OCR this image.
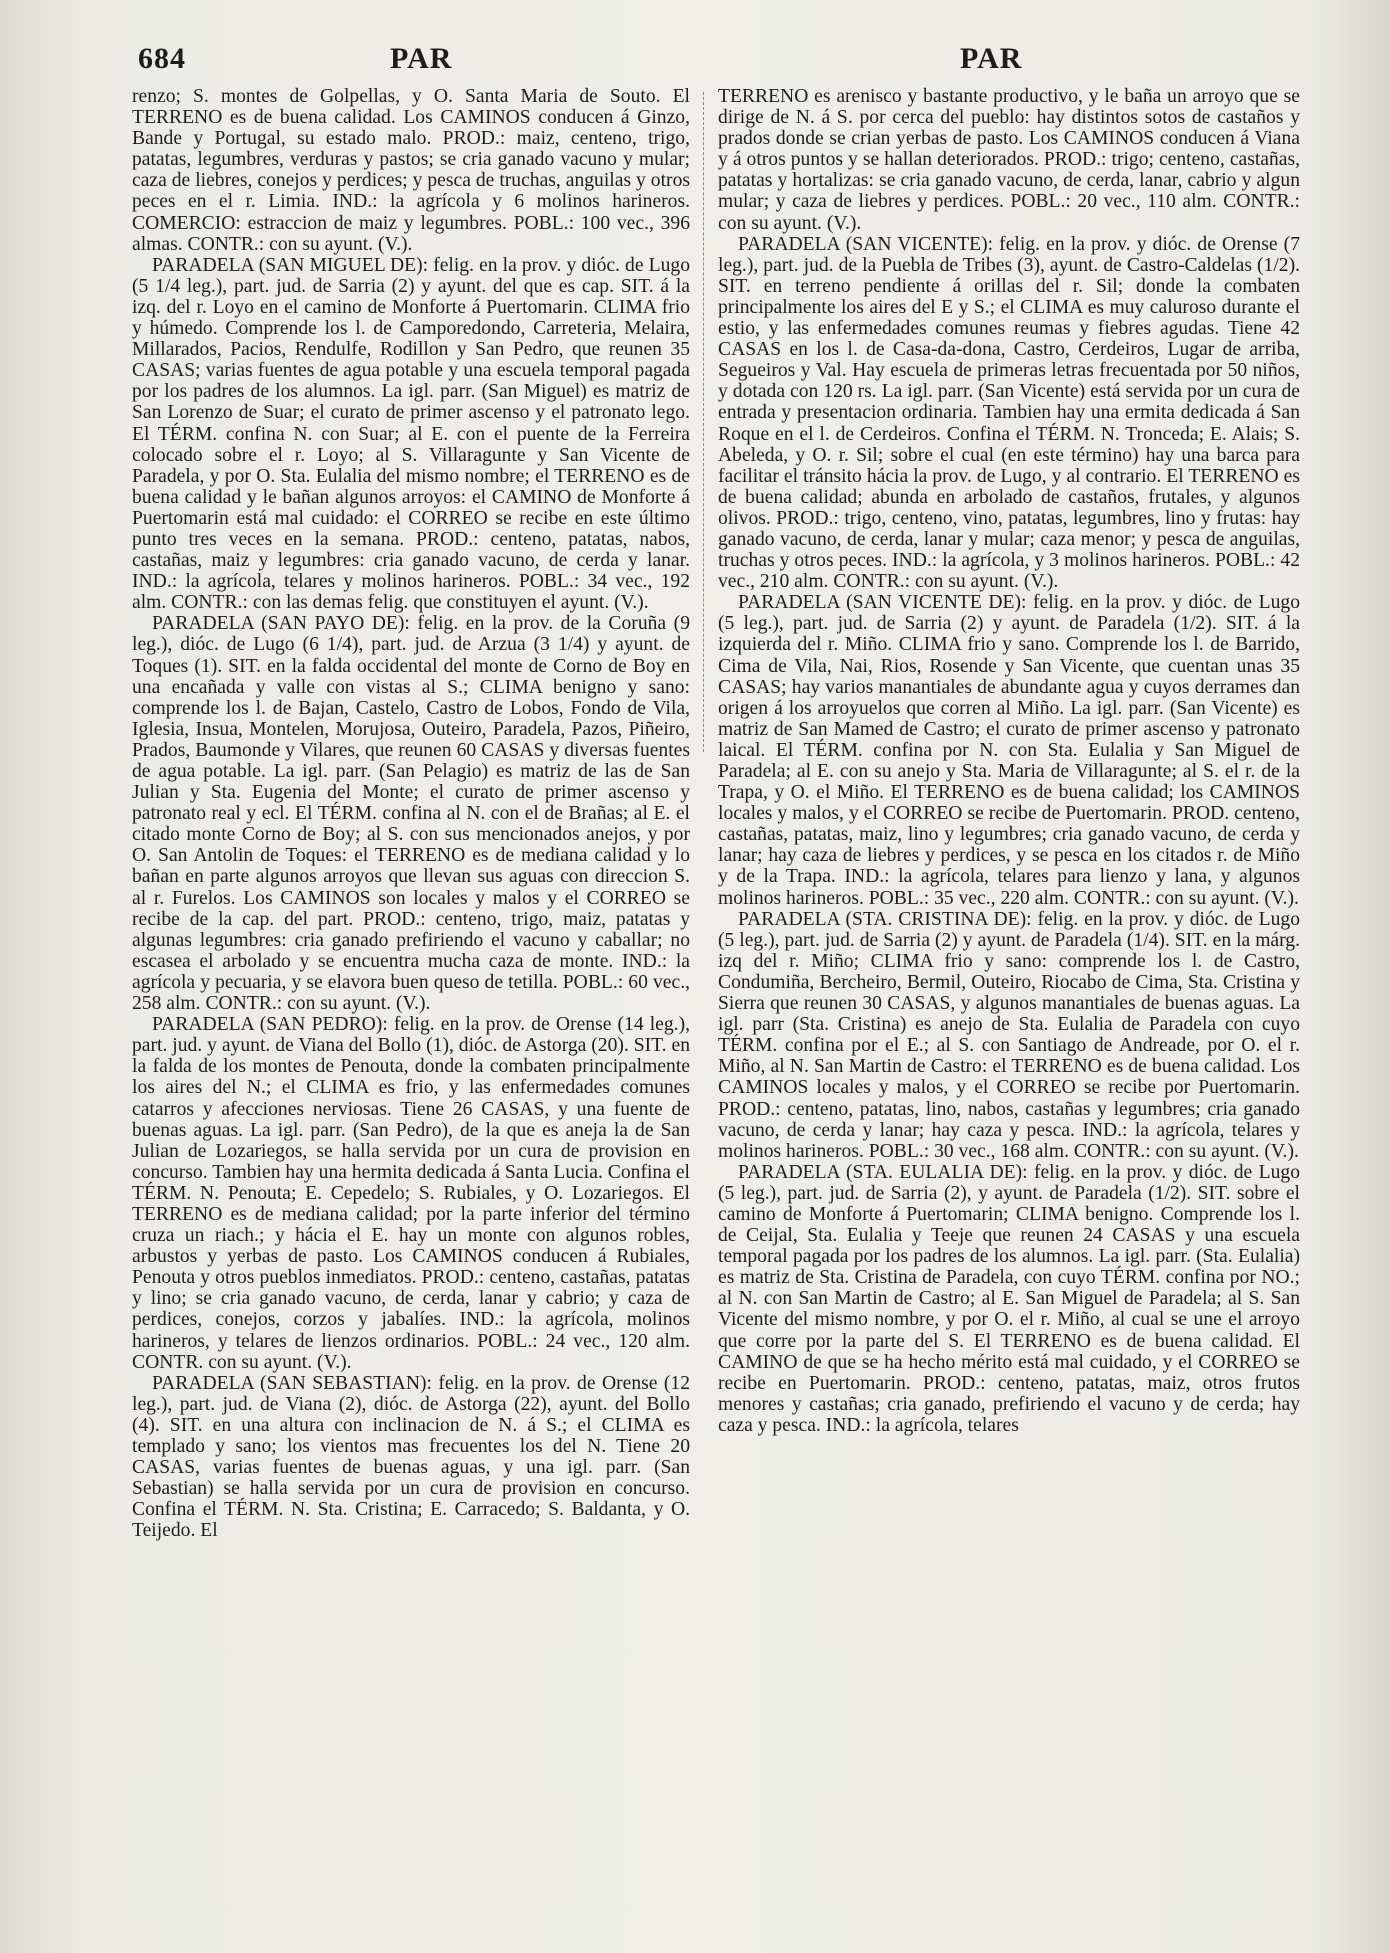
684	PAR	PAR

renzo; S. montes de Golpellas, y O. Santa Maria de Souto. El TERRENO es de buena calidad. Los CAMINOS conducen á Ginzo, Bande y Portugal, su estado malo. PROD.: maiz, centeno, trigo, patatas, legumbres, verduras y pastos; se cria ganado vacuno y mular; caza de liebres, conejos y perdices; y pesca de truchas, anguilas y otros peces en el r. Limia. IND.: la agrícola y 6 molinos harineros. COMERCIO: estraccion de maiz y legumbres. POBL.: 100 vec., 396 almas. CONTR.: con su ayunt. (V.).

PARADELA (SAN MIGUEL DE): felig. en la prov. y dióc. de Lugo (5 1/4 leg.), part. jud. de Sarria (2) y ayunt. del que es cap. SIT. á la izq. del r. Loyo en el camino de Monforte á Puertomarin. CLIMA frio y húmedo. Comprende los l. de Camporedondo, Carreteria, Melaira, Millarados, Pacios, Rendulfe, Rodillon y San Pedro, que reunen 35 CASAS; varias fuentes de agua potable y una escuela temporal pagada por los padres de los alumnos. La igl. parr. (San Miguel) es matriz de San Lorenzo de Suar; el curato de primer ascenso y el patronato lego. El TÉRM. confina N. con Suar; al E. con el puente de la Ferreira colocado sobre el r. Loyo; al S. Villaragunte y San Vicente de Paradela, y por O. Sta. Eulalia del mismo nombre; el TERRENO es de buena calidad y le bañan algunos arroyos: el CAMINO de Monforte á Puertomarin está mal cuidado: el CORREO se recibe en este último punto tres veces en la semana. PROD.: centeno, patatas, nabos, castañas, maiz y legumbres: cria ganado vacuno, de cerda y lanar. IND.: la agrícola, telares y molinos harineros. POBL.: 34 vec., 192 alm. CONTR.: con las demas felig. que constituyen el ayunt. (V.).

PARADELA (SAN PAYO DE): felig. en la prov. de la Coruña (9 leg.), dióc. de Lugo (6 1/4), part. jud. de Arzua (3 1/4) y ayunt. de Toques (1). SIT. en la falda occidental del monte de Corno de Boy en una encañada y valle con vistas al S.; CLIMA benigno y sano: comprende los l. de Bajan, Castelo, Castro de Lobos, Fondo de Vila, Iglesia, Insua, Montelen, Morujosa, Outeiro, Paradela, Pazos, Piñeiro, Prados, Baumonde y Vilares, que reunen 60 CASAS y diversas fuentes de agua potable. La igl. parr. (San Pelagio) es matriz de las de San Julian y Sta. Eugenia del Monte; el curato de primer ascenso y patronato real y ecl. El TÉRM. confina al N. con el de Brañas; al E. el citado monte Corno de Boy; al S. con sus mencionados anejos, y por O. San Antolin de Toques: el TERRENO es de mediana calidad y lo bañan en parte algunos arroyos que llevan sus aguas con direccion S. al r. Furelos. Los CAMINOS son locales y malos y el CORREO se recibe de la cap. del part. PROD.: centeno, trigo, maiz, patatas y algunas legumbres: cria ganado prefiriendo el vacuno y caballar; no escasea el arbolado y se encuentra mucha caza de monte. IND.: la agrícola y pecuaria, y se elavora buen queso de tetilla. POBL.: 60 vec., 258 alm. CONTR.: con su ayunt. (V.).

PARADELA (SAN PEDRO): felig. en la prov. de Orense (14 leg.), part. jud. y ayunt. de Viana del Bollo (1), dióc. de Astorga (20). SIT. en la falda de los montes de Penouta, donde la combaten principalmente los aires del N.; el CLIMA es frio, y las enfermedades comunes catarros y afecciones nerviosas. Tiene 26 CASAS, y una fuente de buenas aguas. La igl. parr. (San Pedro), de la que es aneja la de San Julian de Lozariegos, se halla servida por un cura de provision en concurso. Tambien hay una hermita dedicada á Santa Lucia. Confina el TÉRM. N. Penouta; E. Cepedelo; S. Rubiales, y O. Lozariegos. El TERRENO es de mediana calidad; por la parte inferior del término cruza un riach.; y hácia el E. hay un monte con algunos robles, arbustos y yerbas de pasto. Los CAMINOS conducen á Rubiales, Penouta y otros pueblos inmediatos. PROD.: centeno, castañas, patatas y lino; se cria ganado vacuno, de cerda, lanar y cabrio; y caza de perdices, conejos, corzos y jabalíes. IND.: la agrícola, molinos harineros, y telares de lienzos ordinarios. POBL.: 24 vec., 120 alm. CONTR. con su ayunt. (V.).

PARADELA (SAN SEBASTIAN): felig. en la prov. de Orense (12 leg.), part. jud. de Viana (2), dióc. de Astorga (22), ayunt. del Bollo (4). SIT. en una altura con inclinacion de N. á S.; el CLIMA es templado y sano; los vientos mas frecuentes los del N. Tiene 20 CASAS, varias fuentes de buenas aguas, y una igl. parr. (San Sebastian) se halla servida por un cura de provision en concurso. Confina el TÉRM. N. Sta. Cristina; E. Carracedo; S. Baldanta, y O. Teijedo. El

TERRENO es arenisco y bastante productivo, y le baña un arroyo que se dirige de N. á S. por cerca del pueblo: hay distintos sotos de castaños y prados donde se crian yerbas de pasto. Los CAMINOS conducen á Viana y á otros puntos y se hallan deteriorados. PROD.: trigo; centeno, castañas, patatas y hortalizas: se cria ganado vacuno, de cerda, lanar, cabrio y algun mular; y caza de liebres y perdices. POBL.: 20 vec., 110 alm. CONTR.: con su ayunt. (V.).

PARADELA (SAN VICENTE): felig. en la prov. y dióc. de Orense (7 leg.), part. jud. de la Puebla de Tribes (3), ayunt. de Castro-Caldelas (1/2). SIT. en terreno pendiente á orillas del r. Sil; donde la combaten principalmente los aires del E y S.; el CLIMA es muy caluroso durante el estio, y las enfermedades comunes reumas y fiebres agudas. Tiene 42 CASAS en los l. de Casa-da-dona, Castro, Cerdeiros, Lugar de arriba, Segueiros y Val. Hay escuela de primeras letras frecuentada por 50 niños, y dotada con 120 rs. La igl. parr. (San Vicente) está servida por un cura de entrada y presentacion ordinaria. Tambien hay una ermita dedicada á San Roque en el l. de Cerdeiros. Confina el TÉRM. N. Tronceda; E. Alais; S. Abeleda, y O. r. Sil; sobre el cual (en este término) hay una barca para facilitar el tránsito hácia la prov. de Lugo, y al contrario. El TERRENO es de buena calidad; abunda en arbolado de castaños, frutales, y algunos olivos. PROD.: trigo, centeno, vino, patatas, legumbres, lino y frutas: hay ganado vacuno, de cerda, lanar y mular; caza menor; y pesca de anguilas, truchas y otros peces. IND.: la agrícola, y 3 molinos harineros. POBL.: 42 vec., 210 alm. CONTR.: con su ayunt. (V.).

PARADELA (SAN VICENTE DE): felig. en la prov. y dióc. de Lugo (5 leg.), part. jud. de Sarria (2) y ayunt. de Paradela (1/2). SIT. á la izquierda del r. Miño. CLIMA frio y sano. Comprende los l. de Barrido, Cima de Vila, Nai, Rios, Rosende y San Vicente, que cuentan unas 35 CASAS; hay varios manantiales de abundante agua y cuyos derrames dan origen á los arroyuelos que corren al Miño. La igl. parr. (San Vicente) es matriz de San Mamed de Castro; el curato de primer ascenso y patronato laical. El TÉRM. confina por N. con Sta. Eulalia y San Miguel de Paradela; al E. con su anejo y Sta. Maria de Villaragunte; al S. el r. de la Trapa, y O. el Miño. El TERRENO es de buena calidad; los CAMINOS locales y malos, y el CORREO se recibe de Puertomarin. PROD. centeno, castañas, patatas, maiz, lino y legumbres; cria ganado vacuno, de cerda y lanar; hay caza de liebres y perdices, y se pesca en los citados r. de Miño y de la Trapa. IND.: la agrícola, telares para lienzo y lana, y algunos molinos harineros. POBL.: 35 vec., 220 alm. CONTR.: con su ayunt. (V.).

PARADELA (STA. CRISTINA DE): felig. en la prov. y dióc. de Lugo (5 leg.), part. jud. de Sarria (2) y ayunt. de Paradela (1/4). SIT. en la márg. izq del r. Miño; CLIMA frio y sano: comprende los l. de Castro, Condumiña, Bercheiro, Bermil, Outeiro, Riocabo de Cima, Sta. Cristina y Sierra que reunen 30 CASAS, y algunos manantiales de buenas aguas. La igl. parr (Sta. Cristina) es anejo de Sta. Eulalia de Paradela con cuyo TÉRM. confina por el E.; al S. con Santiago de Andreade, por O. el r. Miño, al N. San Martin de Castro: el TERRENO es de buena calidad. Los CAMINOS locales y malos, y el CORREO se recibe por Puertomarin. PROD.: centeno, patatas, lino, nabos, castañas y legumbres; cria ganado vacuno, de cerda y lanar; hay caza y pesca. IND.: la agrícola, telares y molinos harineros. POBL.: 30 vec., 168 alm. CONTR.: con su ayunt. (V.).

PARADELA (STA. EULALIA DE): felig. en la prov. y dióc. de Lugo (5 leg.), part. jud. de Sarria (2), y ayunt. de Paradela (1/2). SIT. sobre el camino de Monforte á Puertomarin; CLIMA benigno. Comprende los l. de Ceijal, Sta. Eulalia y Teeje que reunen 24 CASAS y una escuela temporal pagada por los padres de los alumnos. La igl. parr. (Sta. Eulalia) es matriz de Sta. Cristina de Paradela, con cuyo TÉRM. confina por NO.; al N. con San Martin de Castro; al E. San Miguel de Paradela; al S. San Vicente del mismo nombre, y por O. el r. Miño, al cual se une el arroyo que corre por la parte del S. El TERRENO es de buena calidad. El CAMINO de que se ha hecho mérito está mal cuidado, y el CORREO se recibe en Puertomarin. PROD.: centeno, patatas, maiz, otros frutos menores y castañas; cria ganado, prefiriendo el vacuno y de cerda; hay caza y pesca. IND.: la agrícola, telares
